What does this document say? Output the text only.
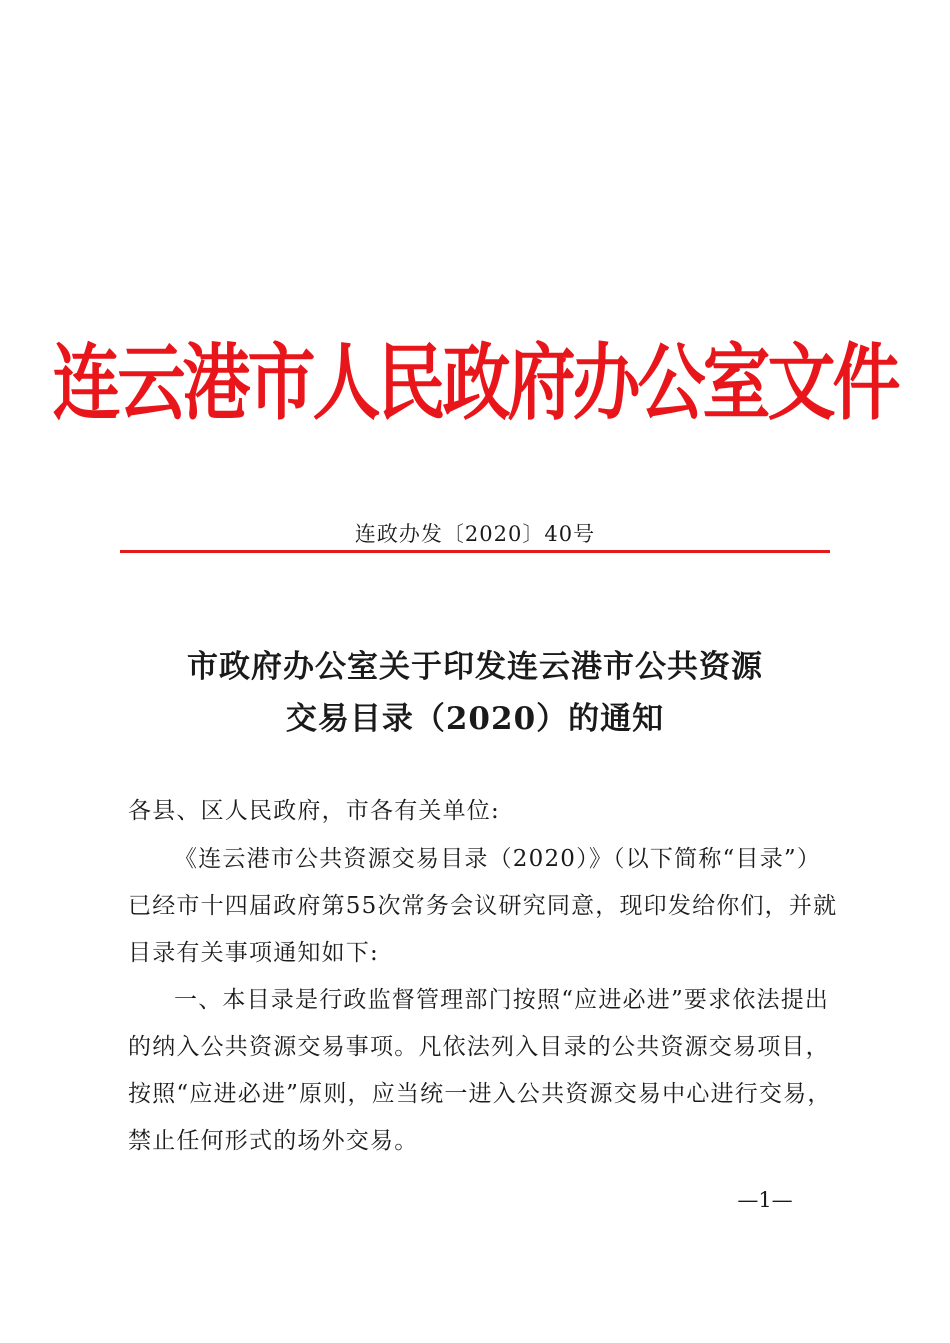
连云港市人民政府办公室文件
连政办发〔2020〕40号
市政府办公室关于印发连云港市公共资源
交易目录（2020）的通知
各县、区人民政府，市各有关单位:
《连云港市公共资源交易目录（2020）》（以下简称“目录”）已经市十四届政府第55次常务会议研究同意，现印发给你们，并就目录有关事项通知如下:
一、本目录是行政监督管理部门按照“应进必进”要求依法提出的纳入公共资源交易事项。凡依法列入目录的公共资源交易项目，按照“应进必进”原则，应当统一进入公共资源交易中心进行交易，禁止任何形式的场外交易。
—1—
